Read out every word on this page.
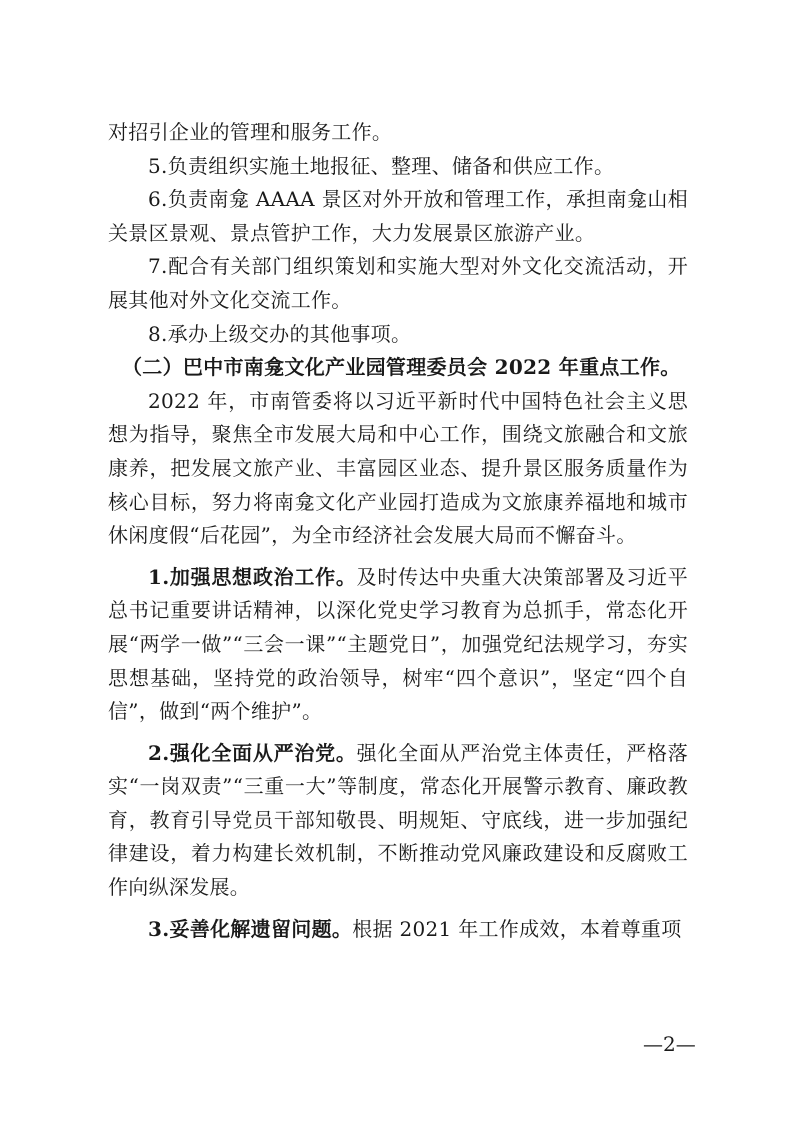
对招引企业的管理和服务工作。

5.负责组织实施土地报征、整理、储备和供应工作。

6.负责南龛 AAAA 景区对外开放和管理工作，承担南龛山相关景区景观、景点管护工作，大力发展景区旅游产业。

7.配合有关部门组织策划和实施大型对外文化交流活动，开展其他对外文化交流工作。

8.承办上级交办的其他事项。

（二）巴中市南龛文化产业园管理委员会 2022 年重点工作。

2022 年，市南管委将以习近平新时代中国特色社会主义思想为指导，聚焦全市发展大局和中心工作，围绕文旅融合和文旅康养，把发展文旅产业、丰富园区业态、提升景区服务质量作为核心目标，努力将南龛文化产业园打造成为文旅康养福地和城市休闲度假“后花园”，为全市经济社会发展大局而不懈奋斗。

1.加强思想政治工作。及时传达中央重大决策部署及习近平总书记重要讲话精神，以深化党史学习教育为总抓手，常态化开展“两学一做”“三会一课”“主题党日”，加强党纪法规学习，夯实思想基础，坚持党的政治领导，树牢“四个意识”，坚定“四个自信”，做到“两个维护”。

2.强化全面从严治党。强化全面从严治党主体责任，严格落实“一岗双责”“三重一大”等制度，常态化开展警示教育、廉政教育，教育引导党员干部知敬畏、明规矩、守底线，进一步加强纪律建设，着力构建长效机制，不断推动党风廉政建设和反腐败工作向纵深发展。

3.妥善化解遗留问题。根据 2021 年工作成效，本着尊重项

—2—
